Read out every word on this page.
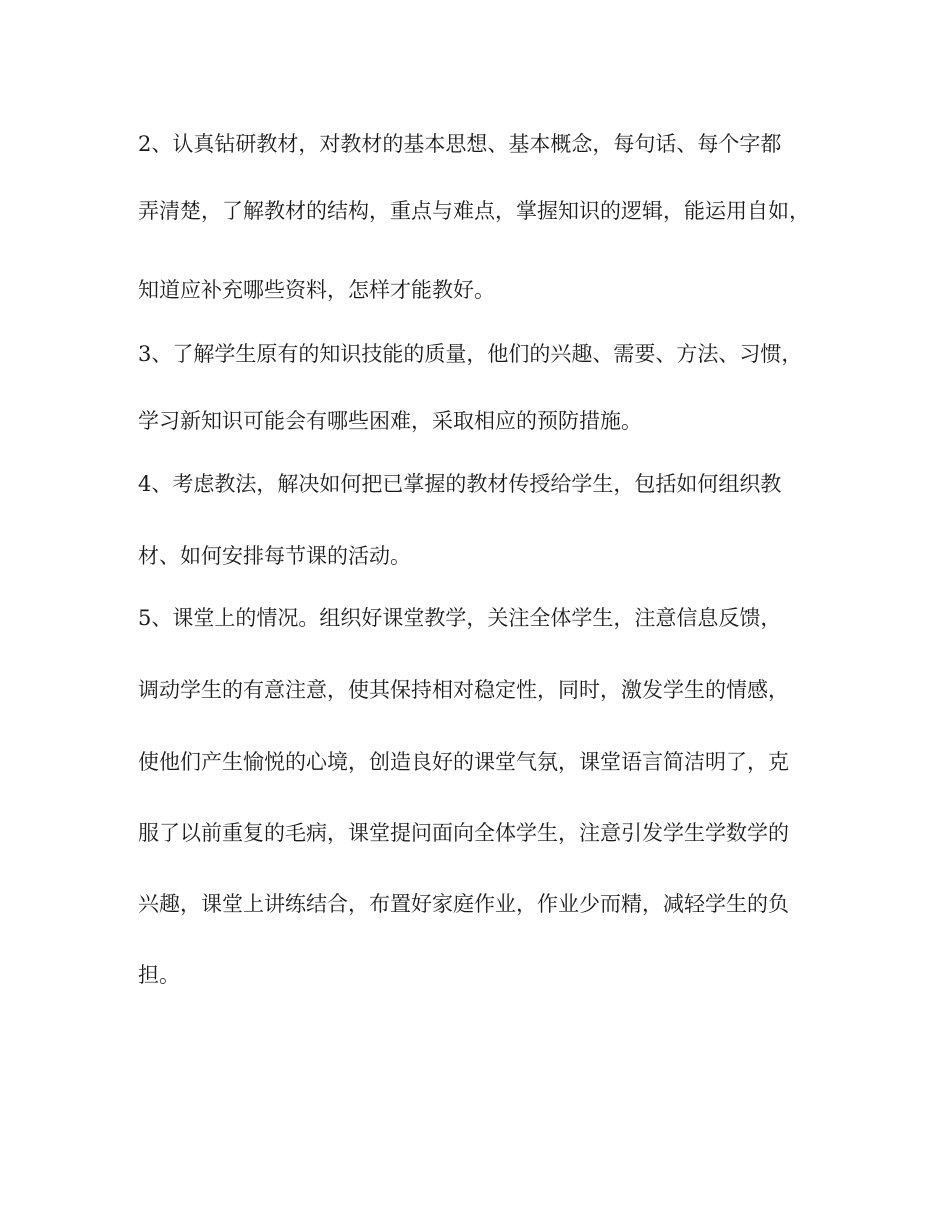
2、认真钻研教材，对教材的基本思想、基本概念，每句话、每个字都

弄清楚，了解教材的结构，重点与难点，掌握知识的逻辑，能运用自如，

知道应补充哪些资料，怎样才能教好。

3、了解学生原有的知识技能的质量，他们的兴趣、需要、方法、习惯，

学习新知识可能会有哪些困难，采取相应的预防措施。

4、考虑教法，解决如何把已掌握的教材传授给学生，包括如何组织教

材、如何安排每节课的活动。

5、课堂上的情况。组织好课堂教学，关注全体学生，注意信息反馈，

调动学生的有意注意，使其保持相对稳定性，同时，激发学生的情感，

使他们产生愉悦的心境，创造良好的课堂气氛，课堂语言简洁明了，克

服了以前重复的毛病，课堂提问面向全体学生，注意引发学生学数学的

兴趣，课堂上讲练结合，布置好家庭作业，作业少而精，减轻学生的负

担。
